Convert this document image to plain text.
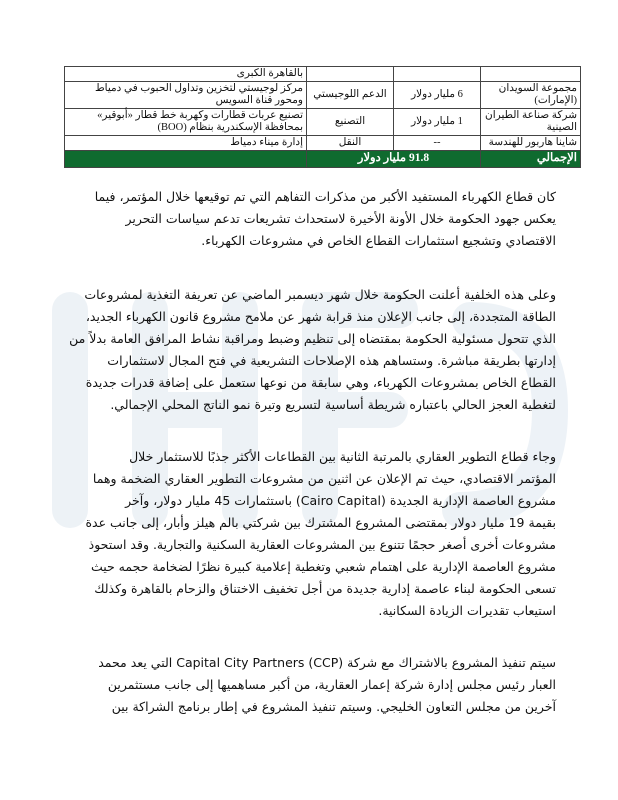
			بالقاهرة الكبرى
مجموعة السويدان (الإمارات)	6 مليار دولار	الدعم اللوجيستي	مركز لوجيستي لتخزين وتداول الحبوب في دمياط ومحور قناة السويس
شركة صناعة الطيران الصينية	1 مليار دولار	التصنيع	تصنيع عربات قطارات وكهربة خط قطار «أبوقير» بمحافظة الإسكندرية بنظام (BOO)
شاينا هاربور للهندسة	--	النقل	إدارة ميناء دمياط
الإجمالي	91.8 مليار دولار		
كان قطاع الكهرباء المستفيد الأكبر من مذكرات التفاهم التي تم توقيعها خلال المؤتمر، فيما
يعكس جهود الحكومة خلال الأونة الأخيرة لاستحداث تشريعات تدعم سياسات التحرير
الاقتصادي وتشجيع استثمارات القطاع الخاص في مشروعات الكهرباء.
وعلى هذه الخلفية أعلنت الحكومة خلال شهر ديسمبر الماضي عن تعريفة التغذية لمشروعات
الطاقة المتجددة، إلى جانب الإعلان منذ قرابة شهر عن ملامح مشروع قانون الكهرباء الجديد،
الذي تتحول مسئولية الحكومة بمقتضاه إلى تنظيم وضبط ومراقبة نشاط المرافق العامة بدلاً من
إدارتها بطريقة مباشرة. وستساهم هذه الإصلاحات التشريعية في فتح المجال لاستثمارات
القطاع الخاص بمشروعات الكهرباء، وهي سابقة من نوعها ستعمل على إضافة قدرات جديدة
لتغطية العجز الحالي باعتباره شريطة أساسية لتسريع وتيرة نمو الناتج المحلي الإجمالي.
وجاء قطاع التطوير العقاري بالمرتبة الثانية بين القطاعات الأكثر جذبًا للاستثمار خلال
المؤتمر الاقتصادي، حيث تم الإعلان عن اثنين من مشروعات التطوير العقاري الضخمة وهما
مشروع العاصمة الإدارية الجديدة (Cairo Capital) باستثمارات 45 مليار دولار، وآخر
بقيمة 19 مليار دولار بمقتضى المشروع المشترك بين شركتي بالم هيلز وأبار، إلى جانب عدة
مشروعات أخرى أصغر حجمًا تتنوع بين المشروعات العقارية السكنية والتجارية. وقد استحوذ
مشروع العاصمة الإدارية على اهتمام شعبي وتغطية إعلامية كبيرة نظرًا لضخامة حجمه حيث
تسعى الحكومة لبناء عاصمة إدارية جديدة من أجل تخفيف الاختناق والزحام بالقاهرة وكذلك
استيعاب تقديرات الزيادة السكانية.
سيتم تنفيذ المشروع بالاشتراك مع شركة Capital City Partners (CCP) التي يعد محمد
العبار رئيس مجلس إدارة شركة إعمار العقارية، من أكبر مساهميها إلى جانب مستثمرين
آخرين من مجلس التعاون الخليجي. وسيتم تنفيذ المشروع في إطار برنامج الشراكة بين
